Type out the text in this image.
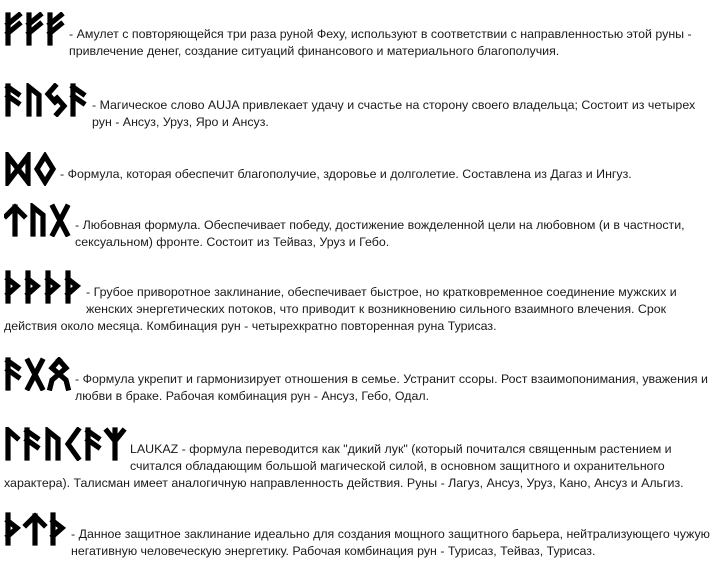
- Амулет с повторяющейся три раза руной Феху, используют в соответствии с направленностью этой руны - привлечение денег, создание ситуаций финансового и материального благополучия.
- Магическое слово AUJA привлекает удачу и счастье на сторону своего владельца; Состоит из четырех рун - Ансуз, Уруз, Яро и Ансуз.
- Формула, которая обеспечит благополучие, здоровье и долголетие. Составлена из Дагаз и Ингуз.
- Любовная формула. Обеспечивает победу, достижение вожделенной цели на любовном (и в частности, сексуальном) фронте. Состоит из Тейваз, Уруз и Гебо.
- Грубое приворотное заклинание, обеспечивает быстрое, но кратковременное соединение мужских и женских энергетических потоков, что приводит к возникновению сильного взаимного влечения. Срок действия около месяца. Комбинация рун - четырехкратно повторенная руна Турисаз.
- Формула укрепит и гармонизирует отношения в семье. Устранит ссоры. Рост взаимопонимания, уважения и любви в браке. Рабочая комбинация рун - Ансуз, Гебо, Одал.
LAUKAZ - формула переводится как "дикий лук" (который почитался священным растением и считался обладающим большой магической силой, в основном защитного и охранительного характера). Талисман имеет аналогичную направленность действия. Руны - Лагуз, Ансуз, Уруз, Кано, Ансуз и Альгиз.
- Данное защитное заклинание идеально для создания мощного защитного барьера, нейтрализующего чужую негативную человеческую энергетику. Рабочая комбинация рун - Турисаз, Тейваз, Турисаз.
